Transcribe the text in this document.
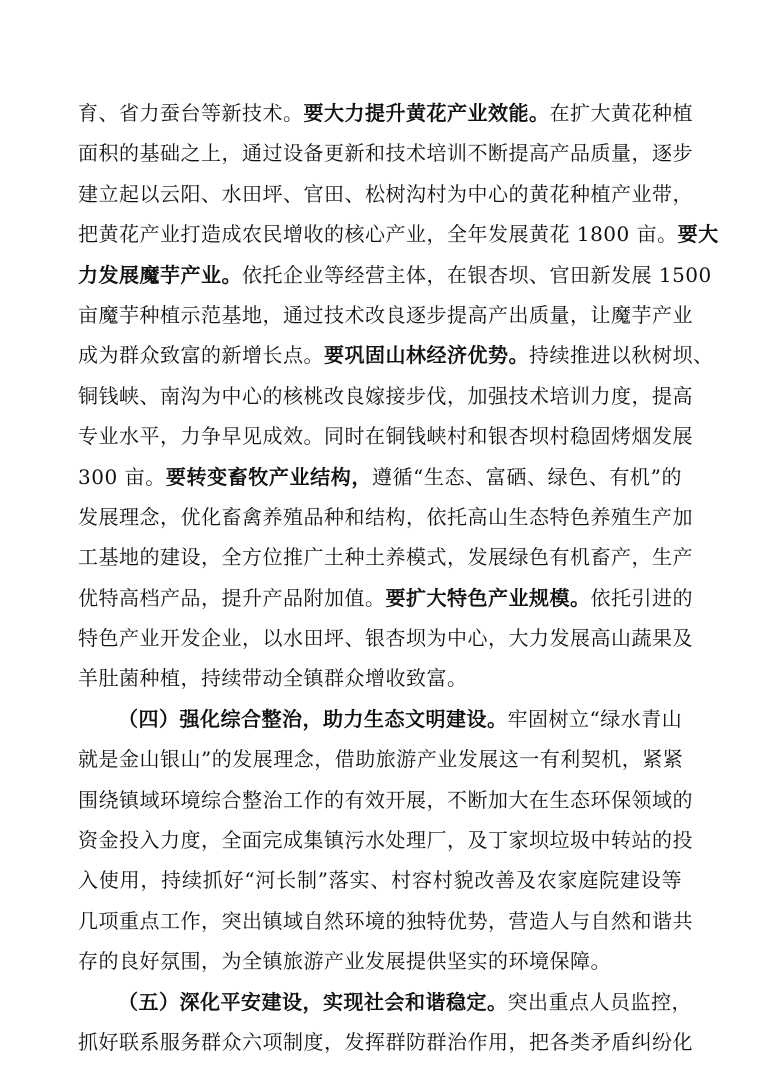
育、省力蚕台等新技术。要大力提升黄花产业效能。在扩大黄花种植
面积的基础之上，通过设备更新和技术培训不断提高产品质量，逐步
建立起以云阳、水田坪、官田、松树沟村为中心的黄花种植产业带，
把黄花产业打造成农民增收的核心产业，全年发展黄花 1800 亩。要大
力发展魔芋产业。依托企业等经营主体，在银杏坝、官田新发展 1500
亩魔芋种植示范基地，通过技术改良逐步提高产出质量，让魔芋产业
成为群众致富的新增长点。要巩固山林经济优势。持续推进以秋树坝、
铜钱峡、南沟为中心的核桃改良嫁接步伐，加强技术培训力度，提高
专业水平，力争早见成效。同时在铜钱峡村和银杏坝村稳固烤烟发展
300 亩。要转变畜牧产业结构，遵循“生态、富硒、绿色、有机”的
发展理念，优化畜禽养殖品种和结构，依托高山生态特色养殖生产加
工基地的建设，全方位推广土种土养模式，发展绿色有机畜产，生产
优特高档产品，提升产品附加值。要扩大特色产业规模。依托引进的
特色产业开发企业，以水田坪、银杏坝为中心，大力发展高山蔬果及
羊肚菌种植，持续带动全镇群众增收致富。
（四）强化综合整治，助力生态文明建设。牢固树立“绿水青山
就是金山银山”的发展理念，借助旅游产业发展这一有利契机，紧紧
围绕镇域环境综合整治工作的有效开展，不断加大在生态环保领域的
资金投入力度，全面完成集镇污水处理厂，及丁家坝垃圾中转站的投
入使用，持续抓好“河长制”落实、村容村貌改善及农家庭院建设等
几项重点工作，突出镇域自然环境的独特优势，营造人与自然和谐共
存的良好氛围，为全镇旅游产业发展提供坚实的环境保障。
（五）深化平安建设，实现社会和谐稳定。突出重点人员监控，
抓好联系服务群众六项制度，发挥群防群治作用，把各类矛盾纠纷化
